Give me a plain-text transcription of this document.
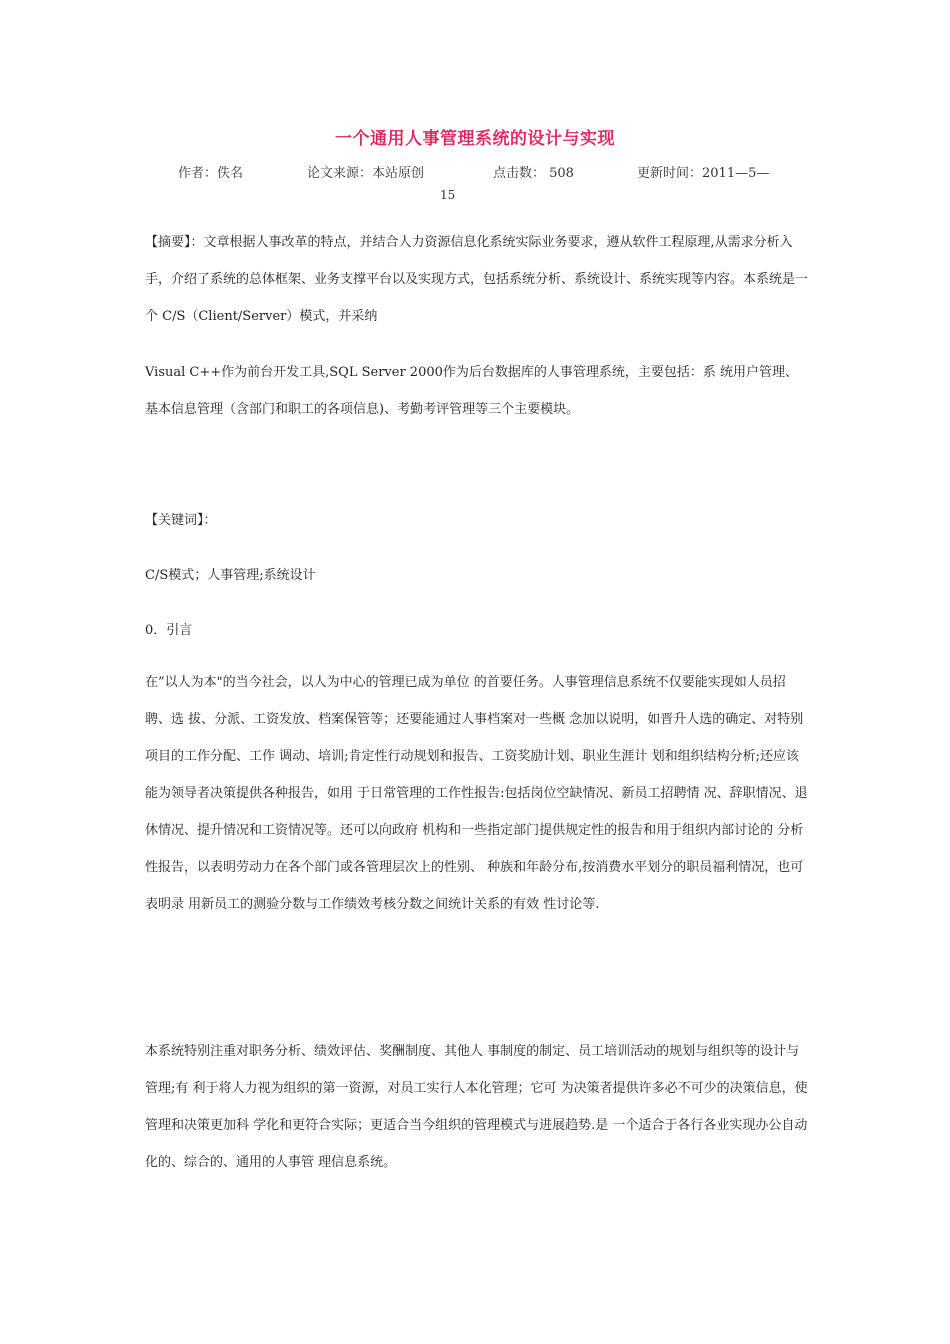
一个通用人事管理系统的设计与实现
作者：佚名	论文来源：本站原创	点击数： 508	更新时间：2011—5—
15

【摘要】：文章根据人事改革的特点，并结合人力资源信息化系统实际业务要求，遵从软件工程原理,从需求分析入 手，介绍了系统的总体框架、业务支撑平台以及实现方式，包括系统分析、系统设计、系统实现等内容。本系统是一个 C/S（Client/Server）模式，并采纳

Visual C++作为前台开发工具,SQL Server 2000作为后台数据库的人事管理系统，主要包括：系 统用户管理、基本信息管理（含部门和职工的各项信息)、考勤考评管理等三个主要模块。

【关键词】：
C/S模式；人事管理;系统设计
0．引言

在”以人为本"的当今社会，以人为中心的管理已成为单位 的首要任务。人事管理信息系统不仅要能实现如人员招聘、选 拔、分派、工资发放、档案保管等；还要能通过人事档案对一些概 念加以说明，如晋升人选的确定、对特别项目的工作分配、工作 调动、培训;肯定性行动规划和报告、工资奖励计划、职业生涯计 划和组织结构分析;还应该能为领导者决策提供各种报告，如用 于日常管理的工作性报告:包括岗位空缺情况、新员工招聘情 况、辞职情况、退休情况、提升情况和工资情况等。还可以向政府 机构和一些指定部门提供规定性的报告和用于组织内部讨论的 分析性报告，以表明劳动力在各个部门或各管理层次上的性别、 种族和年龄分布,按消费水平划分的职员福利情况，也可表明录 用新员工的测验分数与工作绩效考核分数之间统计关系的有效 性讨论等.

本系统特别注重对职务分析、绩效评估、奖酬制度、其他人 事制度的制定、员工培训活动的规划与组织等的设计与管理;有 利于将人力视为组织的第一资源，对员工实行人本化管理；它可 为决策者提供许多必不可少的决策信息，使管理和决策更加科 学化和更符合实际；更适合当今组织的管理模式与进展趋势.是 一个适合于各行各业实现办公自动化的、综合的、通用的人事管 理信息系统。
